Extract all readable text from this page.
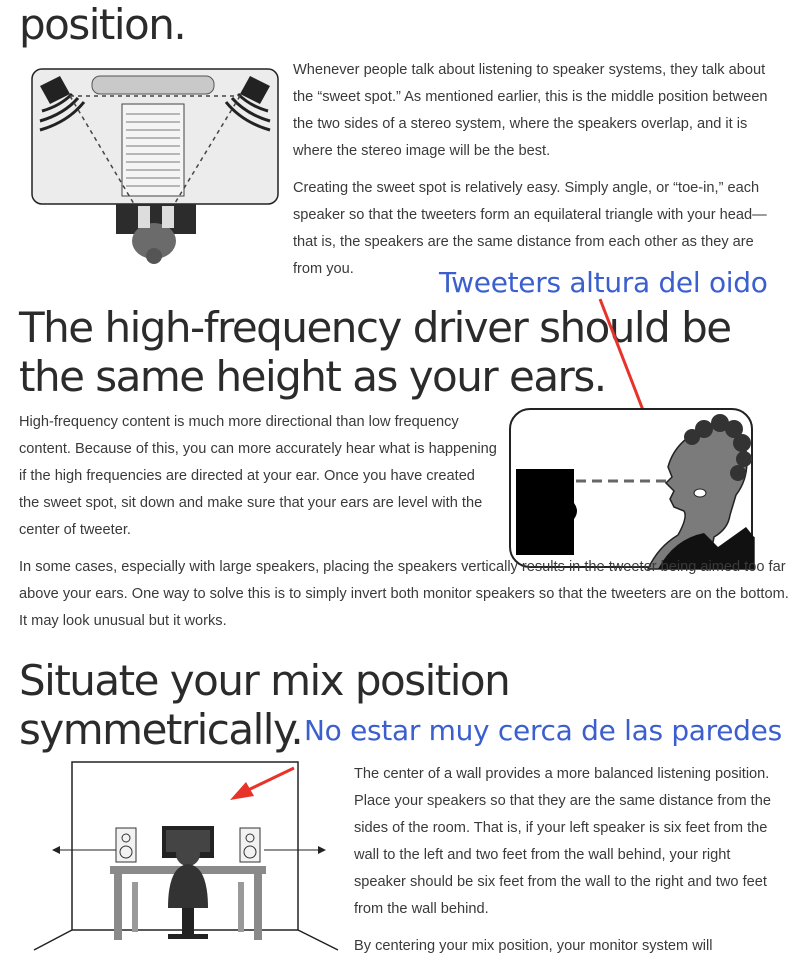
position.

Whenever people talk about listening to speaker systems, they talk about the “sweet spot.” As mentioned earlier, this is the middle position between the two sides of a stereo system, where the speakers overlap, and it is where the stereo image will be the best.

Creating the sweet spot is relatively easy. Simply angle, or “toe-in,” each speaker so that the tweeters form an equilateral triangle with your head—that is, the speakers are the same distance from each other as they are from you.	Tweeters altura del oido
The high-frequency driver should be
the same height as your ears.

High-frequency content is much more directional than low frequency content. Because of this, you can more accurately hear what is happening if the high frequencies are directed at your ear. Once you have created the sweet spot, sit down and make sure that your ears are level with the center of tweeter.

In some cases, especially with large speakers, placing the speakers vertically results in the tweeter being aimed too far above your ears. One way to solve this is to simply invert both monitor speakers so that the tweeters are on the bottom. It may look unusual but it works.

Situate your mix position
symmetrically. No estar muy cerca de las paredes

The center of a wall provides a more balanced listening position. Place your speakers so that they are the same distance from the sides of the room. That is, if your left speaker is six feet from the wall to the left and two feet from the wall behind, your right speaker should be six feet from the wall to the right and two feet from the wall behind.

By centering your mix position, your monitor system will
